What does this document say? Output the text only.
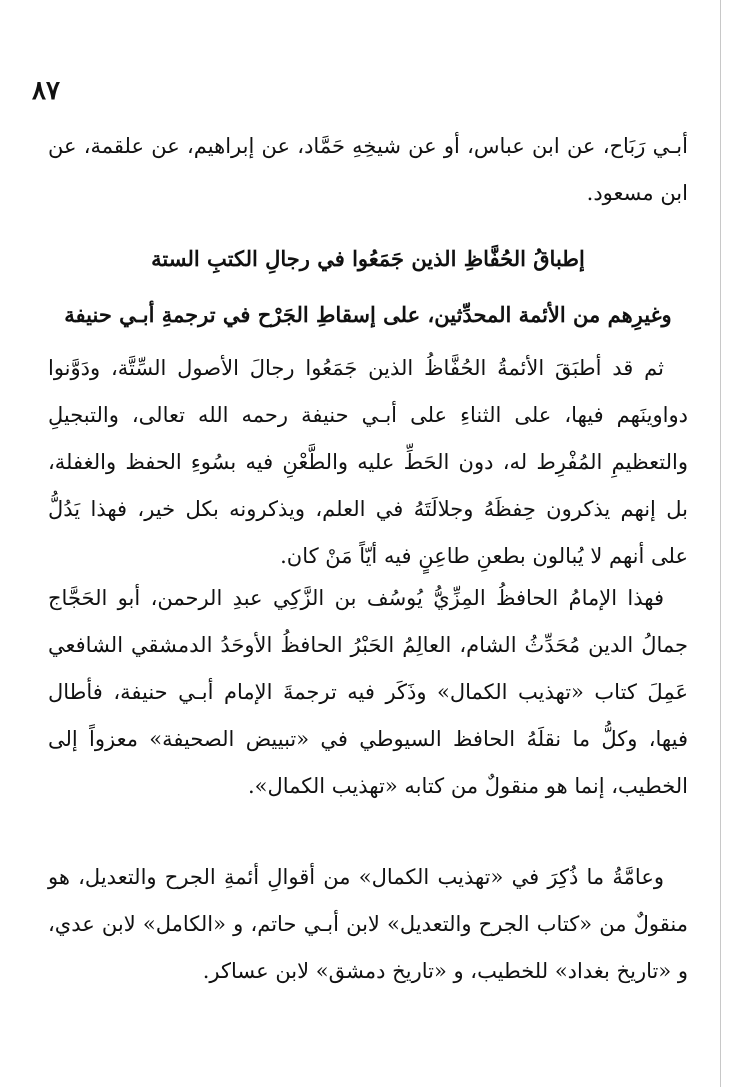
٨٧

أبـي رَبَاح، عن ابن عباس، أو عن شيخِهِ حَمَّاد، عن إبراهيم، عن علقمة، عن ابن مسعود.

إطباقُ الحُفَّاظِ الذين جَمَعُوا في رجالِ الكتبِ الستة
وغيرِهم من الأئمة المحدِّثين، على إسقاطِ الجَرْح في ترجمةِ أبـي حنيفة

ثم قد أطبَقَ الأئمةُ الحُفَّاظُ الذين جَمَعُوا رجالَ الأصول السِّتَّة، ودَوَّنوا دواوينَهم فيها، على الثناءِ على أبـي حنيفة رحمه الله تعالى، والتبجيلِ والتعظيمِ المُفْرِط له، دون الحَطِّ عليه والطَّعْنِ فيه بسُوءِ الحفظ والغفلة، بل إنهم يذكرون حِفظَهُ وجلالَتَهُ في العلم، ويذكرونه بكل خير، فهذا يَدُلُّ على أنهم لا يُبالون بطعنِ طاعِنٍ فيه أيّاً مَنْ كان.

فهذا الإمامُ الحافظُ المِزِّيُّ يُوسُف بن الزَّكِي عبدِ الرحمن، أبو الحَجَّاج جمالُ الدين مُحَدِّثُ الشام، العالِمُ الحَبْرُ الحافظُ الأوحَدُ الدمشقي الشافعي عَمِلَ كتاب «تهذيب الكمال» وذَكَر فيه ترجمةَ الإمام أبـي حنيفة، فأطال فيها، وكلُّ ما نقلَهُ الحافظ السيوطي في «تبييض الصحيفة» معزواً إلى الخطيب، إنما هو منقولٌ من كتابه «تهذيب الكمال».

وعامَّةُ ما ذُكِرَ في «تهذيب الكمال» من أقوالِ أئمةِ الجرح والتعديل، هو منقولٌ من «كتاب الجرح والتعديل» لابن أبـي حاتم، و «الكامل» لابن عدي، و «تاريخ بغداد» للخطيب، و «تاريخ دمشق» لابن عساكر.
